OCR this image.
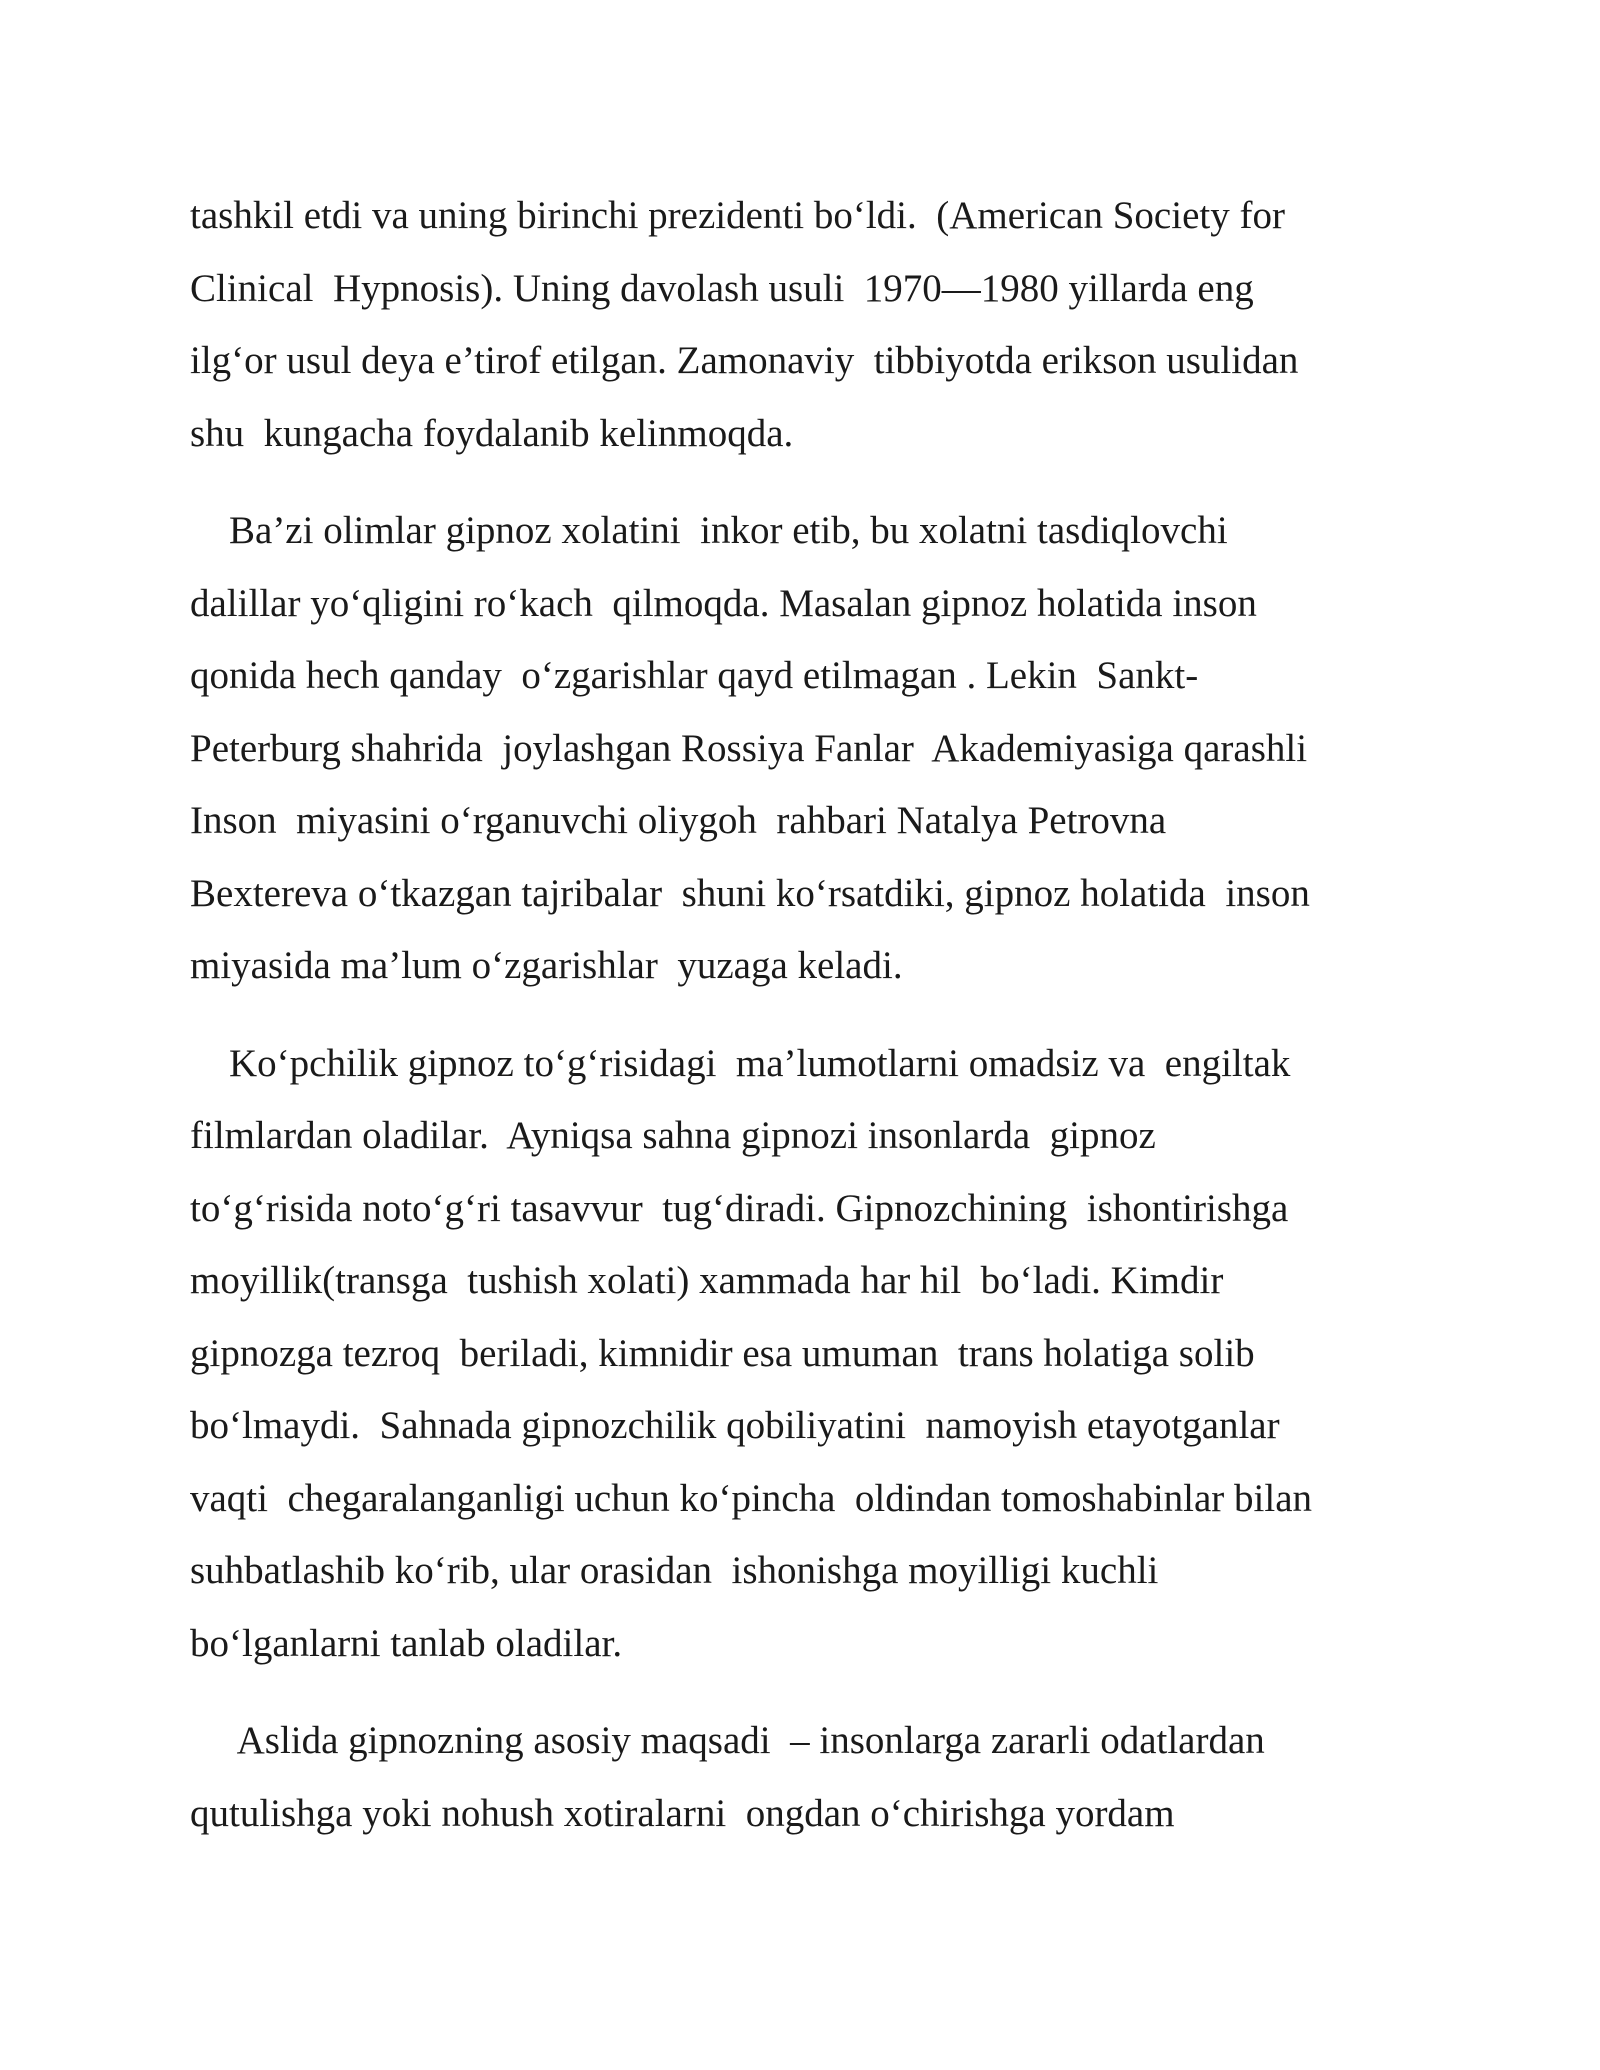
tashkil etdi va uning birinchi prezidenti bo‘ldi.  (American Society for
Clinical  Hypnosis). Uning davolash usuli  1970—1980 yillarda eng
ilg‘or usul deya e’tirof etilgan. Zamonaviy  tibbiyotda erikson usulidan
shu  kungacha foydalanib kelinmoqda.

Ba’zi olimlar gipnoz xolatini  inkor etib, bu xolatni tasdiqlovchi
dalillar yo‘qligini ro‘kach  qilmoqda. Masalan gipnoz holatida inson
qonida hech qanday  o‘zgarishlar qayd etilmagan . Lekin  Sankt-
Peterburg shahrida  joylashgan Rossiya Fanlar  Akademiyasiga qarashli
Inson  miyasini o‘rganuvchi oliygoh  rahbari Natalya Petrovna
Bextereva o‘tkazgan tajribalar  shuni ko‘rsatdiki, gipnoz holatida  inson
miyasida ma’lum o‘zgarishlar  yuzaga keladi.

Ko‘pchilik gipnoz to‘g‘risidagi  ma’lumotlarni omadsiz va  engiltak
filmlardan oladilar.  Ayniqsa sahna gipnozi insonlarda  gipnoz
to‘g‘risida noto‘g‘ri tasavvur  tug‘diradi. Gipnozchining  ishontirishga
moyillik(transga  tushish xolati) xammada har hil  bo‘ladi. Kimdir
gipnozga tezroq  beriladi, kimnidir esa umuman  trans holatiga solib
bo‘lmaydi.  Sahnada gipnozchilik qobiliyatini  namoyish etayotganlar
vaqti  chegaralanganligi uchun ko‘pincha  oldindan tomoshabinlar bilan
suhbatlashib ko‘rib, ular orasidan  ishonishga moyilligi kuchli
bo‘lganlarni tanlab oladilar.

Aslida gipnozning asosiy maqsadi  – insonlarga zararli odatlardan
qutulishga yoki nohush xotiralarni  ongdan o‘chirishga yordam
